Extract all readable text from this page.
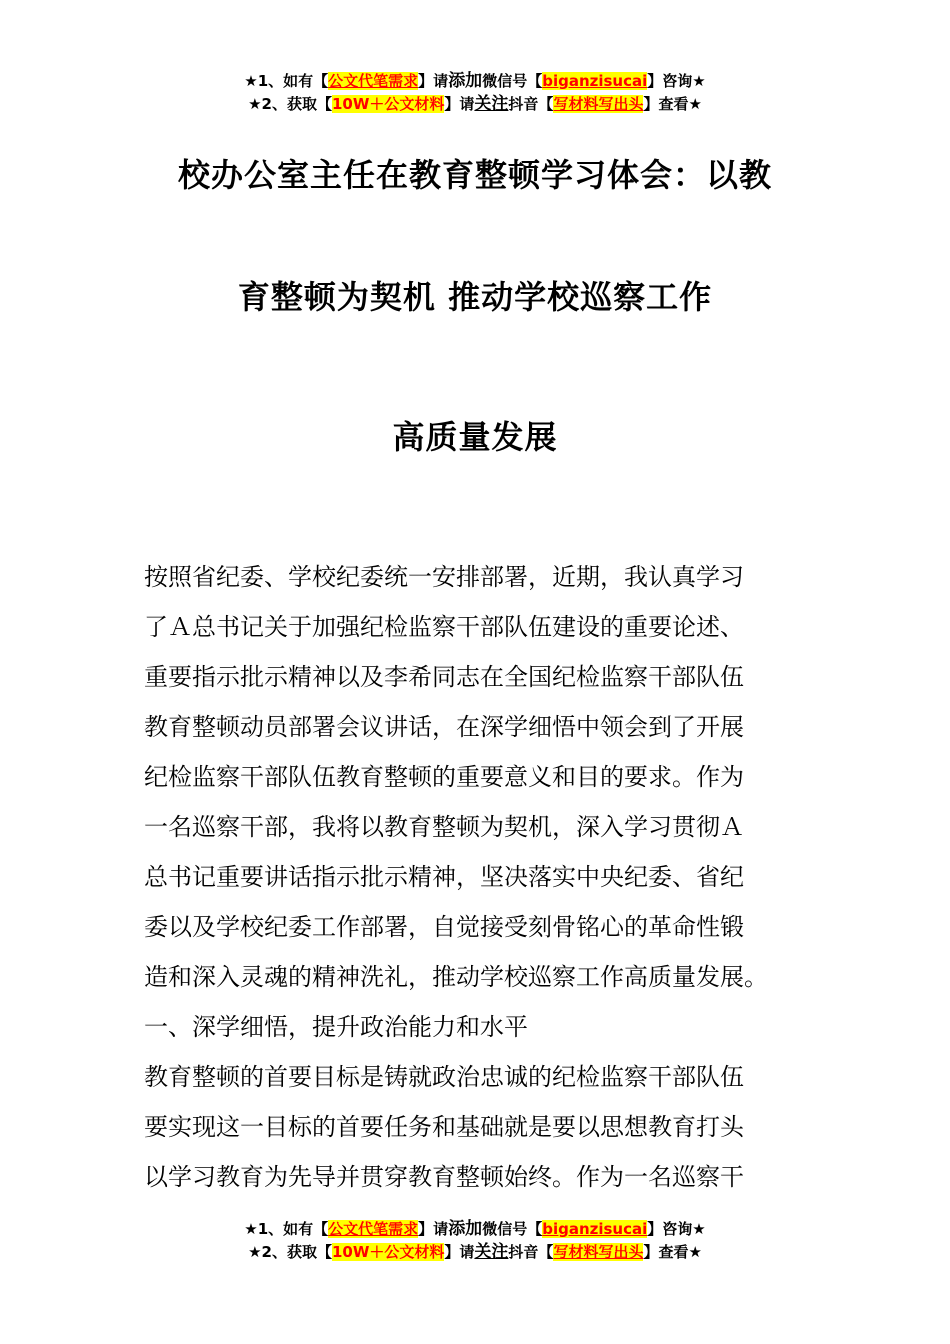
★1、如有【公文代笔需求】请添加微信号【biganzisucai】咨询★
★2、获取【10W＋公文材料】请关注抖音【写材料写出头】查看★
校办公室主任在教育整顿学习体会：以教
育整顿为契机 推动学校巡察工作
高质量发展
按照省纪委、学校纪委统一安排部署，近期，我认真学习
了Ａ总书记关于加强纪检监察干部队伍建设的重要论述、
重要指示批示精神以及李希同志在全国纪检监察干部队伍
教育整顿动员部署会议讲话，在深学细悟中领会到了开展
纪检监察干部队伍教育整顿的重要意义和目的要求。作为
一名巡察干部，我将以教育整顿为契机，深入学习贯彻Ａ
总书记重要讲话指示批示精神，坚决落实中央纪委、省纪
委以及学校纪委工作部署，自觉接受刻骨铭心的革命性锻
造和深入灵魂的精神洗礼，推动学校巡察工作高质量发展。
一、深学细悟，提升政治能力和水平
教育整顿的首要目标是铸就政治忠诚的纪检监察干部队伍
要实现这一目标的首要任务和基础就是要以思想教育打头
以学习教育为先导并贯穿教育整顿始终。作为一名巡察干
★1、如有【公文代笔需求】请添加微信号【biganzisucai】咨询★
★2、获取【10W＋公文材料】请关注抖音【写材料写出头】查看★
